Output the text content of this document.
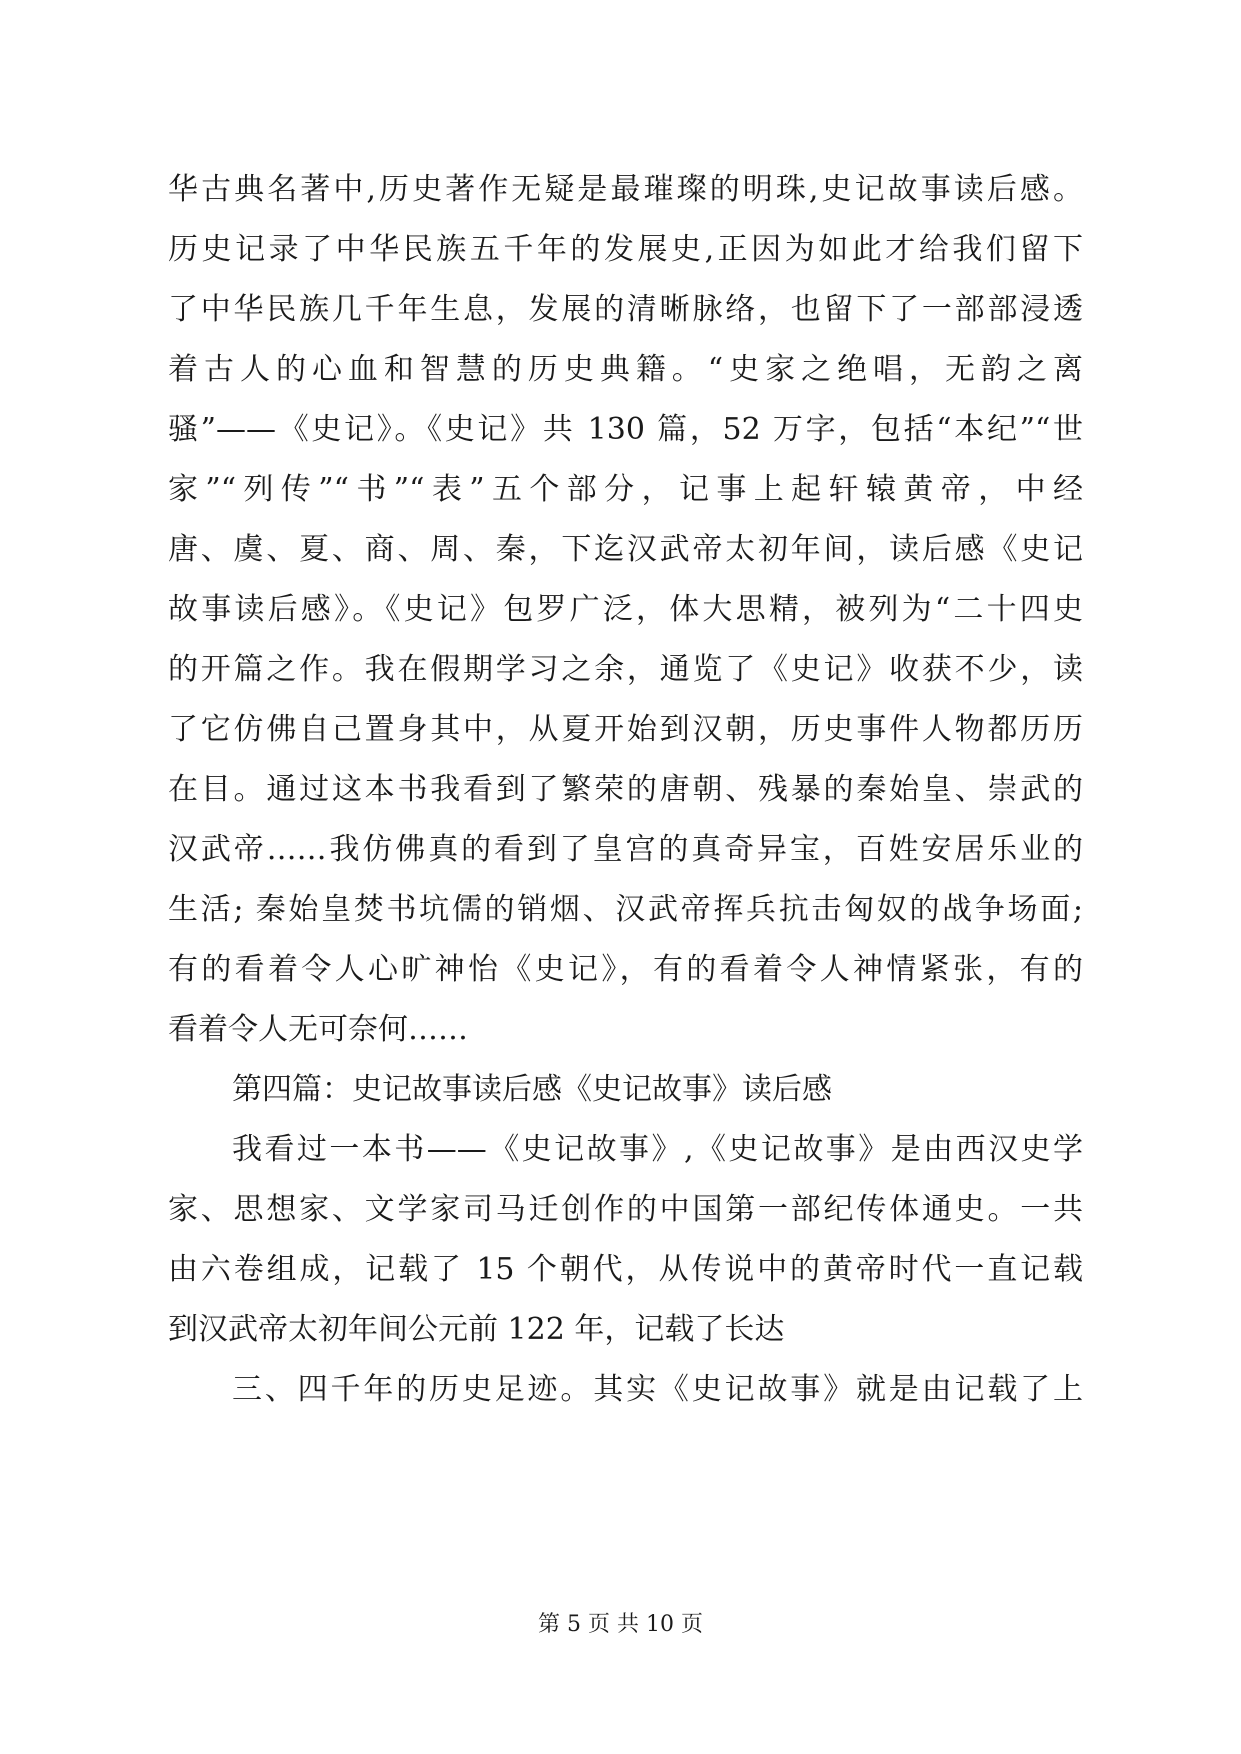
华古典名著中,历史著作无疑是最璀璨的明珠,史记故事读后感。
历史记录了中华民族五千年的发展史,正因为如此才给我们留下
了中华民族几千年生息，发展的清晰脉络，也留下了一部部浸透
着古人的心血和智慧的历史典籍。“史家之绝唱，无韵之离
骚”——《史记》。《史记》共 130 篇，52 万字，包括“本纪”“世
家”“列传”“书”“表”五个部分，记事上起轩辕黄帝，中经
唐、虞、夏、商、周、秦，下迄汉武帝太初年间，读后感《史记
故事读后感》。《史记》包罗广泛，体大思精，被列为“二十四史
的开篇之作。我在假期学习之余，通览了《史记》收获不少，读
了它仿佛自己置身其中，从夏开始到汉朝，历史事件人物都历历
在目。通过这本书我看到了繁荣的唐朝、残暴的秦始皇、崇武的
汉武帝……我仿佛真的看到了皇宫的真奇异宝，百姓安居乐业的
生活; 秦始皇焚书坑儒的销烟、汉武帝挥兵抗击匈奴的战争场面;
有的看着令人心旷神怡《史记》，有的看着令人神情紧张，有的
看着令人无可奈何……
第四篇：史记故事读后感《史记故事》读后感
我看过一本书——《史记故事》,《史记故事》是由西汉史学
家、思想家、文学家司马迁创作的中国第一部纪传体通史。一共
由六卷组成，记载了 15 个朝代，从传说中的黄帝时代一直记载
到汉武帝太初年间公元前 122 年，记载了长达
三、四千年的历史足迹。其实《史记故事》就是由记载了上
第 5 页 共 10 页
